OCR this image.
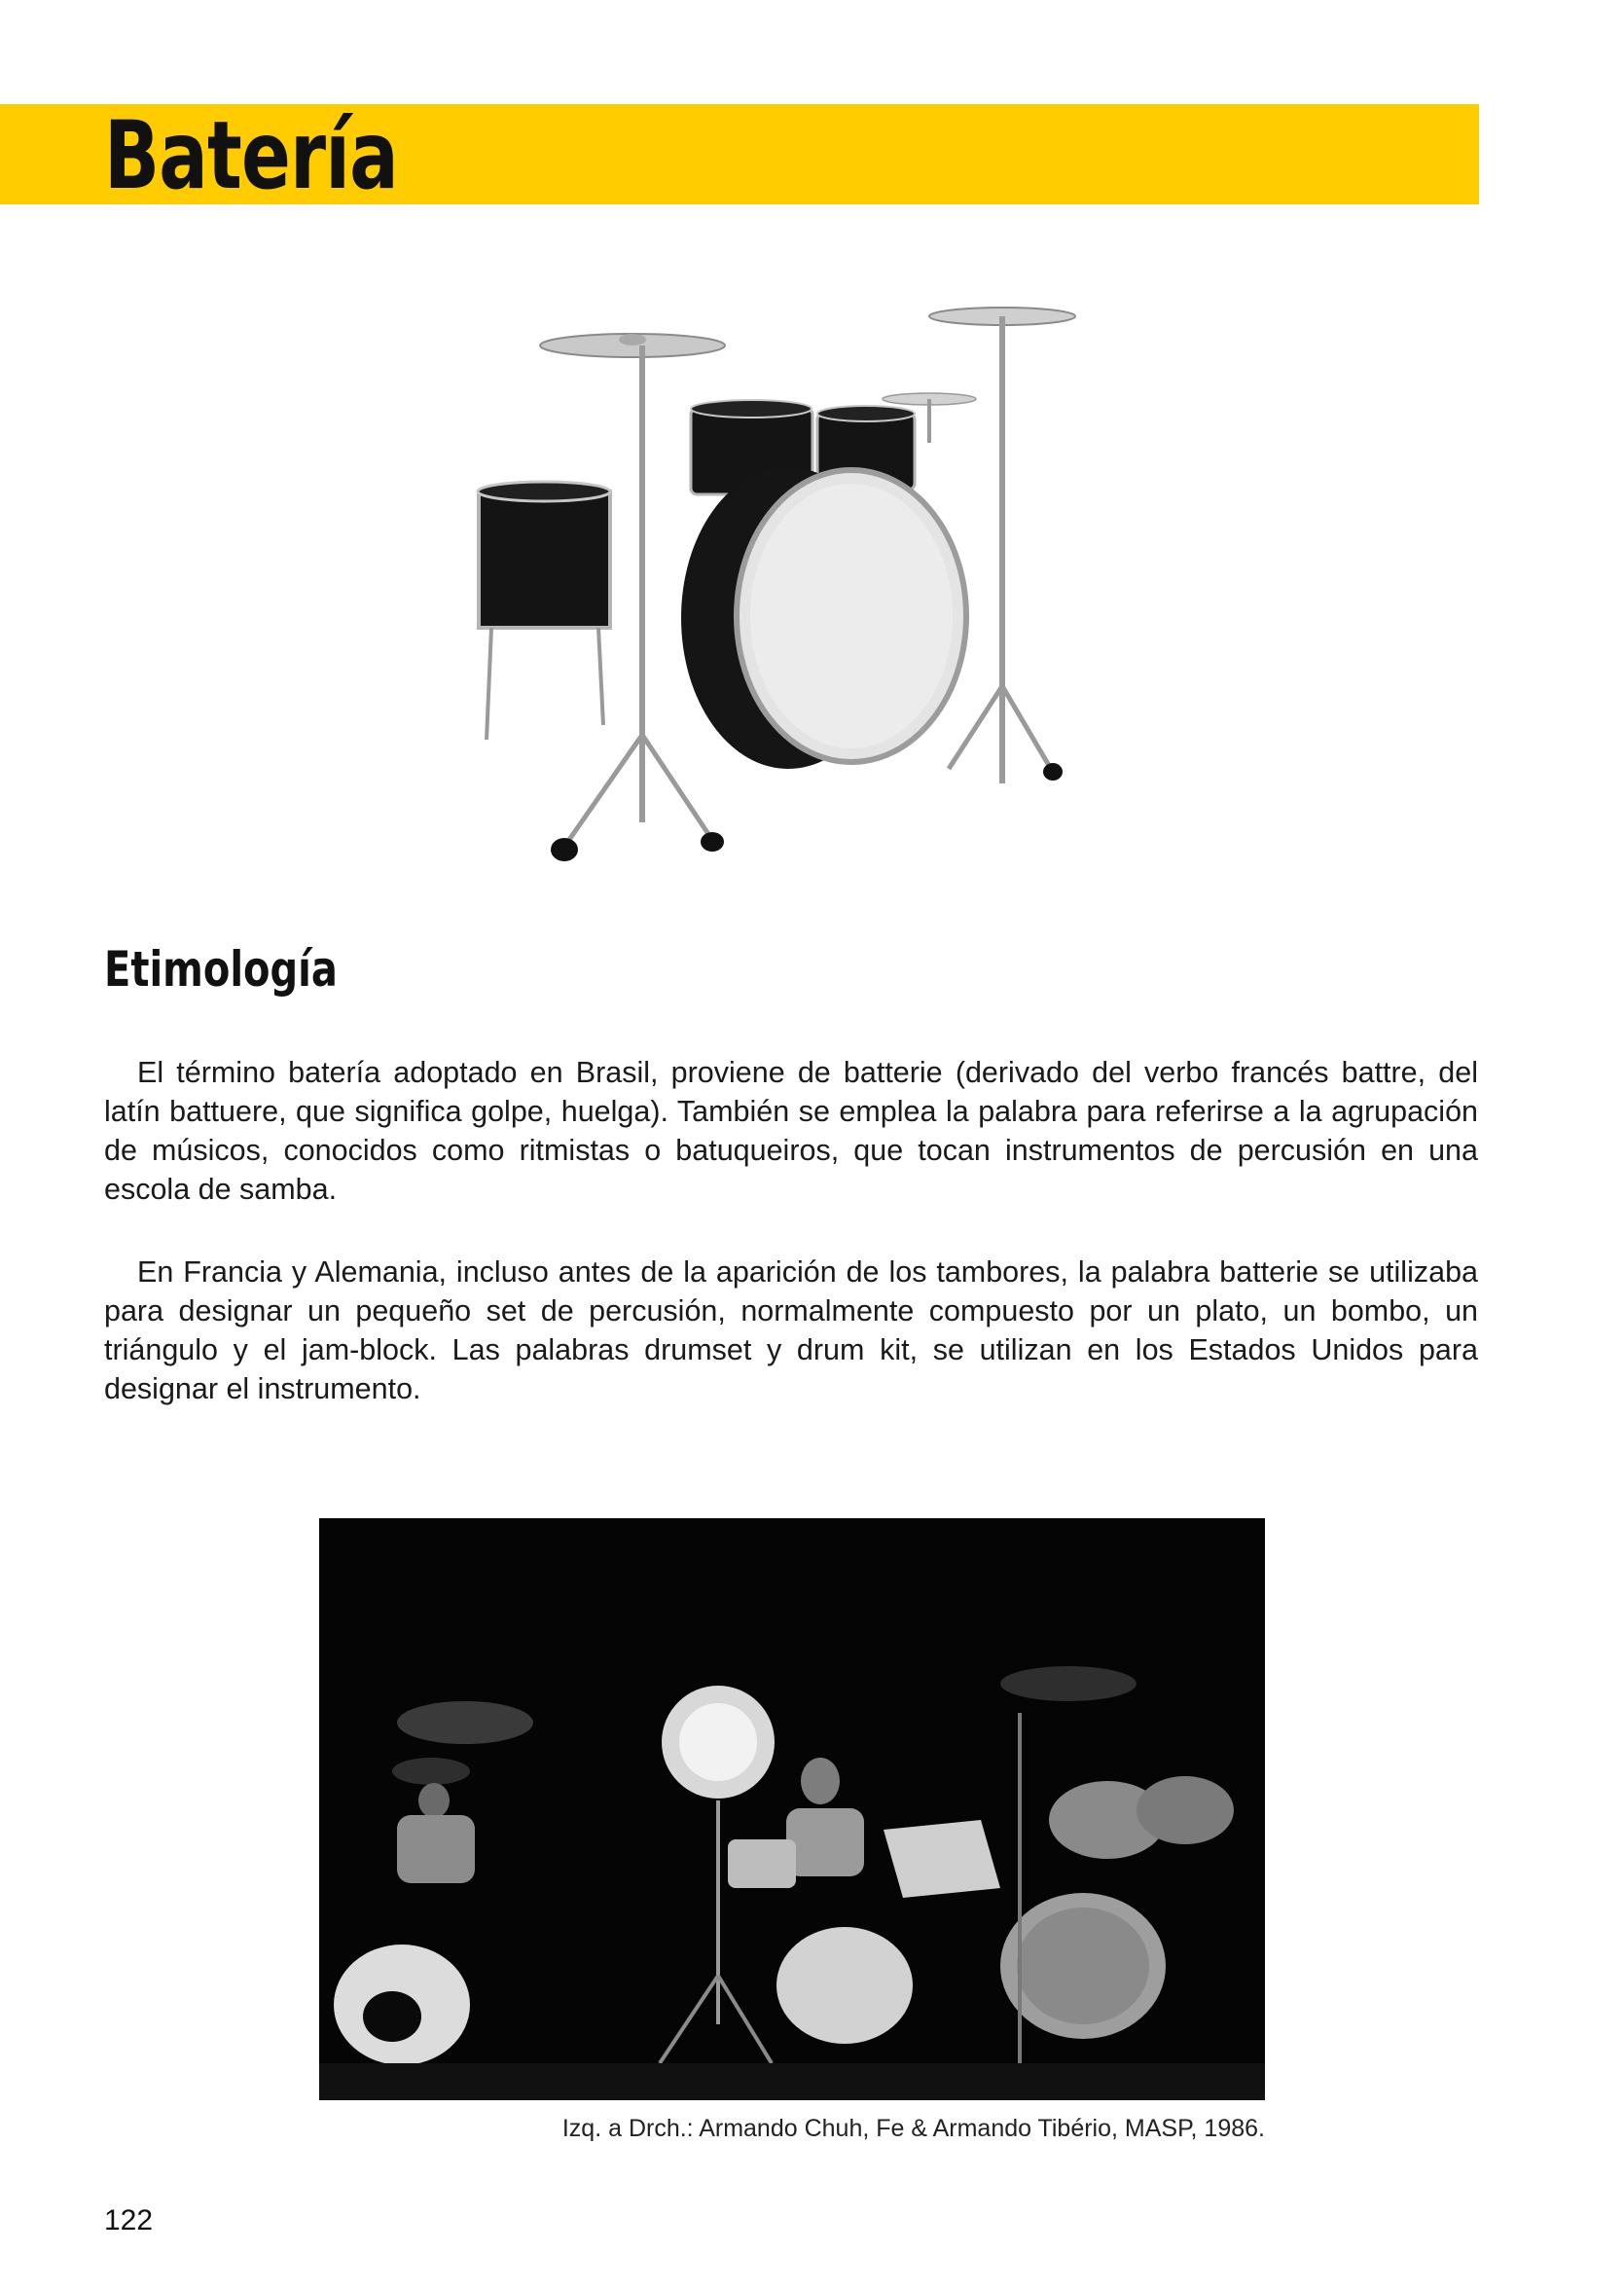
Batería
Etimología

El término batería adoptado en Brasil, proviene de batterie (derivado del verbo francés battre, del latín battuere, que significa golpe, huelga). También se emplea la palabra para referirse a la agrupación de músicos, conocidos como ritmistas o batuqueiros, que tocan instrumentos de percusión en una escola de samba.

En Francia y Alemania, incluso antes de la aparición de los tambores, la palabra batterie se utilizaba para designar un pequeño set de percusión, normalmente compuesto por un plato, un bombo, un triángulo y el jam-block. Las palabras drumset y drum kit, se utilizan en los Estados Unidos para designar el instrumento.

Izq. a Drch.: Armando Chuh, Fe & Armando Tibério, MASP, 1986.

122
